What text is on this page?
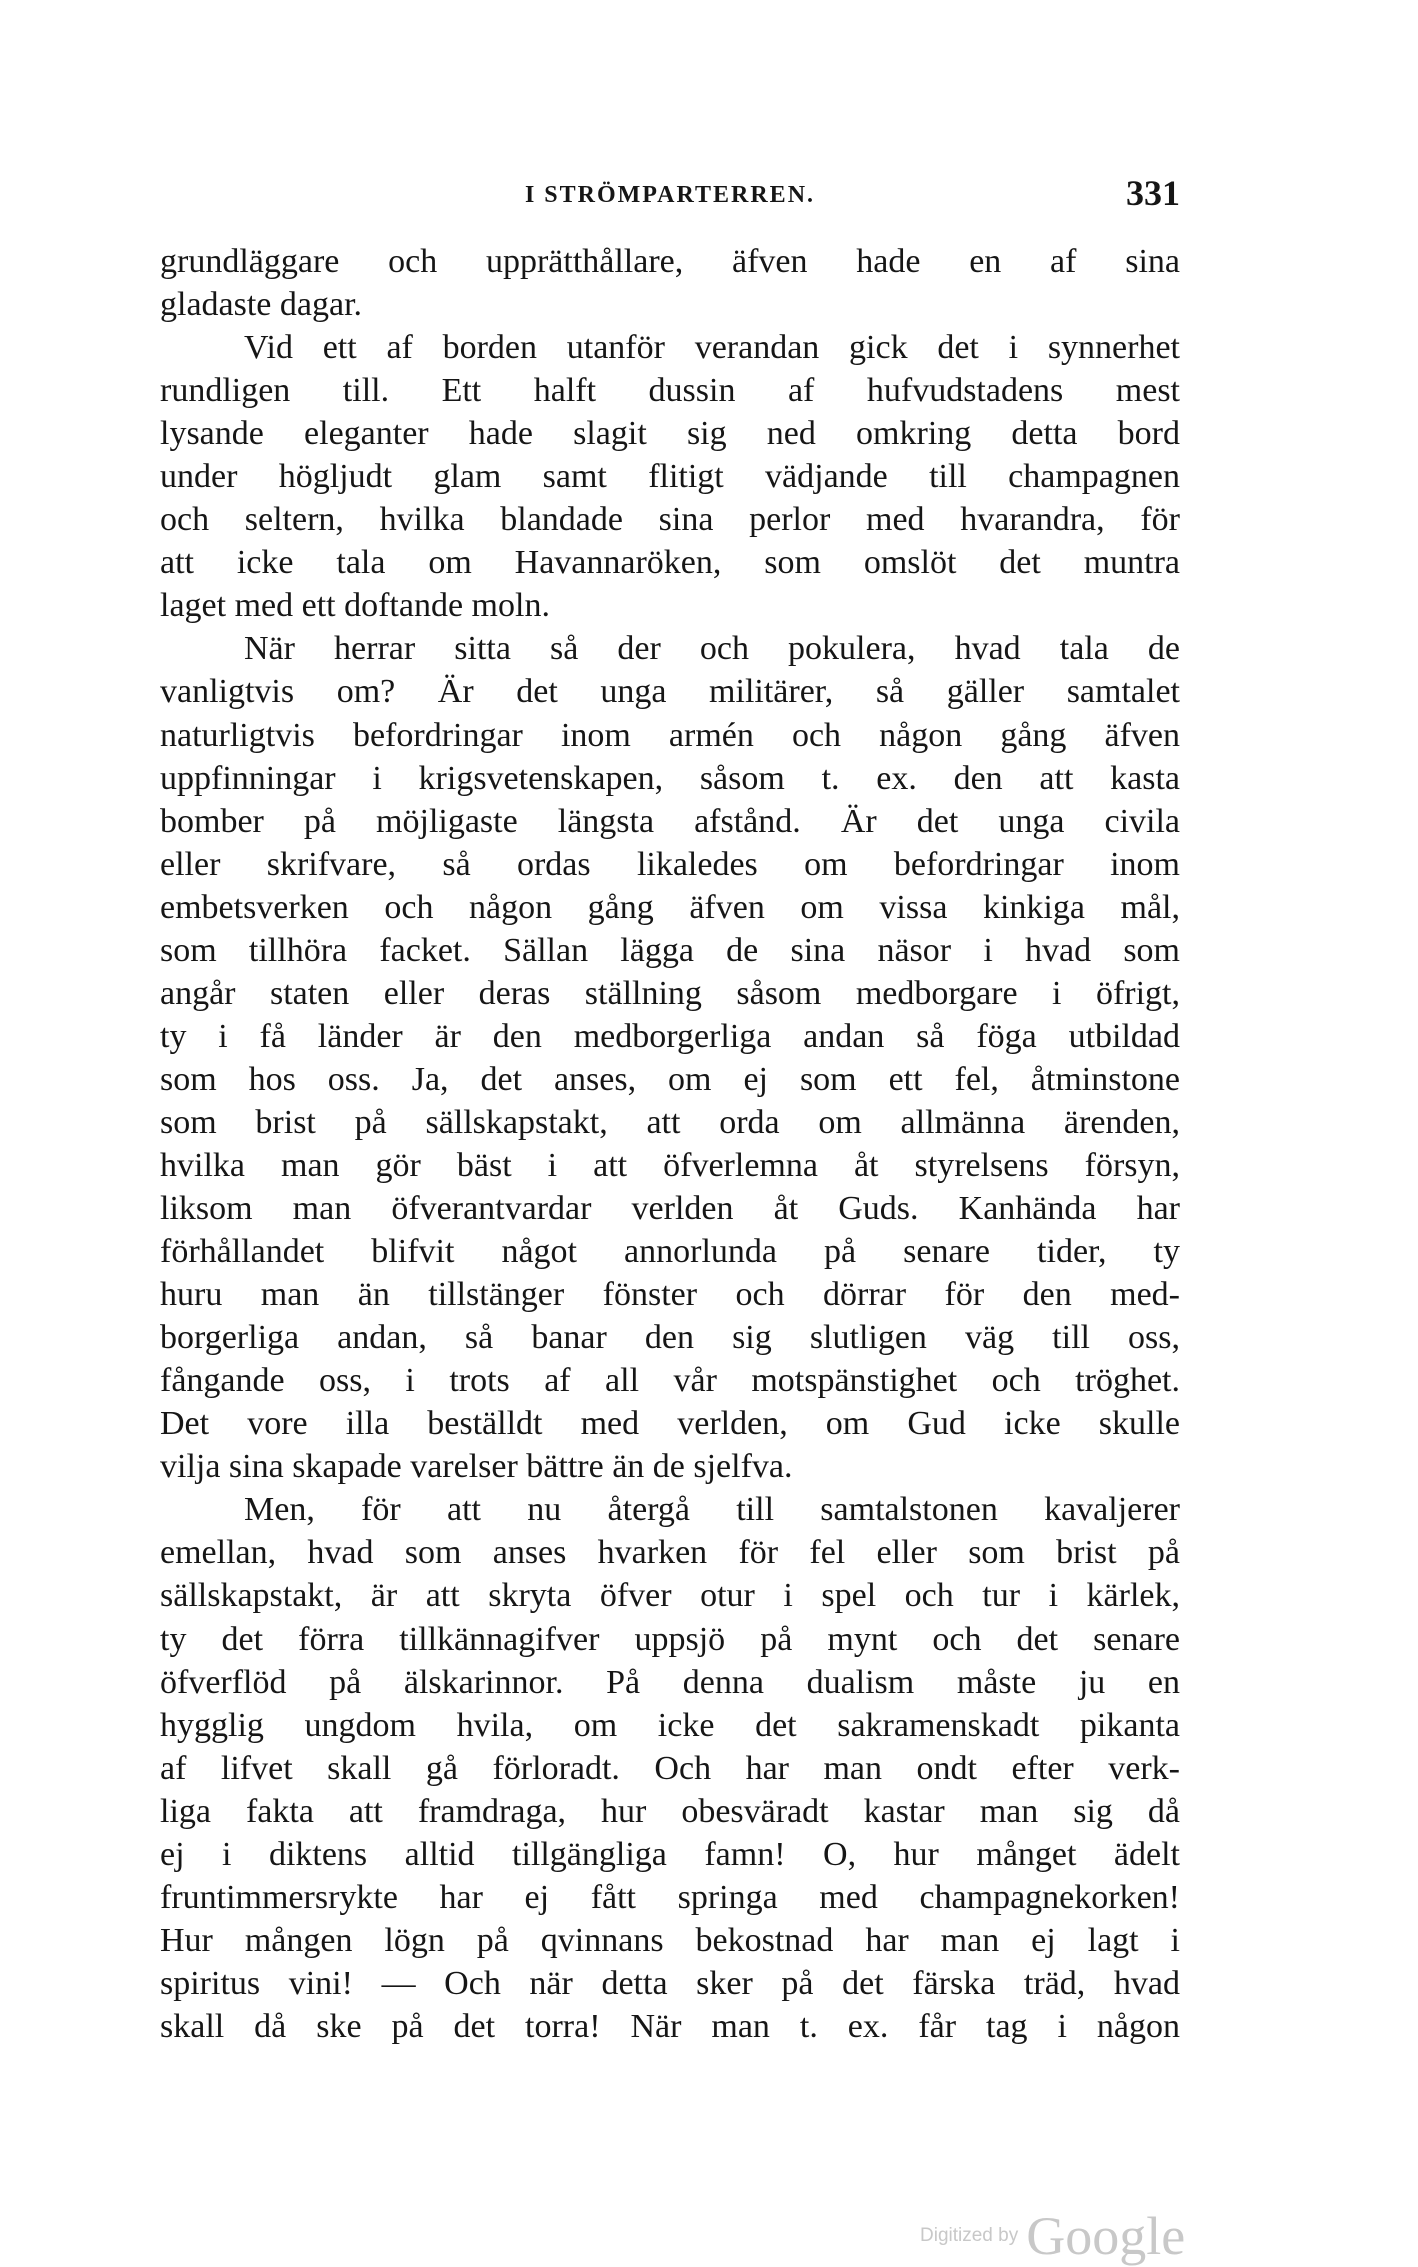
I STRÖMPARTERREN.	331
grundläggare och upprätthållare, äfven hade en af sina
gladaste dagar.
Vid ett af borden utanför verandan gick det i synnerhet
rundligen till. Ett halft dussin af hufvudstadens mest
lysande eleganter hade slagit sig ned omkring detta bord
under högljudt glam samt flitigt vädjande till champagnen
och seltern, hvilka blandade sina perlor med hvarandra, för
att icke tala om Havannaröken, som omslöt det muntra
laget med ett doftande moln.
När herrar sitta så der och pokulera, hvad tala de
vanligtvis om? Är det unga militärer, så gäller samtalet
naturligtvis befordringar inom armén och någon gång äfven
uppfinningar i krigsvetenskapen, såsom t. ex. den att kasta
bomber på möjligaste längsta afstånd. Är det unga civila
eller skrifvare, så ordas likaledes om befordringar inom
embetsverken och någon gång äfven om vissa kinkiga mål,
som tillhöra facket. Sällan lägga de sina näsor i hvad som
angår staten eller deras ställning såsom medborgare i öfrigt,
ty i få länder är den medborgerliga andan så föga utbildad
som hos oss. Ja, det anses, om ej som ett fel, åtminstone
som brist på sällskapstakt, att orda om allmänna ärenden,
hvilka man gör bäst i att öfverlemna åt styrelsens försyn,
liksom man öfverantvardar verlden åt Guds. Kanhända har
förhållandet blifvit något annorlunda på senare tider, ty
huru man än tillstänger fönster och dörrar för den med-
borgerliga andan, så banar den sig slutligen väg till oss,
fångande oss, i trots af all vår motspänstighet och tröghet.
Det vore illa beställdt med verlden, om Gud icke skulle
vilja sina skapade varelser bättre än de sjelfva.
Men, för att nu återgå till samtalstonen kavaljerer
emellan, hvad som anses hvarken för fel eller som brist på
sällskapstakt, är att skryta öfver otur i spel och tur i kärlek,
ty det förra tillkännagifver uppsjö på mynt och det senare
öfverflöd på älskarinnor. På denna dualism måste ju en
hygglig ungdom hvila, om icke det sakramenskadt pikanta
af lifvet skall gå förloradt. Och har man ondt efter verk-
liga fakta att framdraga, hur obesväradt kastar man sig då
ej i diktens alltid tillgängliga famn! O, hur månget ädelt
fruntimmersrykte har ej fått springa med champagnekorken!
Hur mången lögn på qvinnans bekostnad har man ej lagt i
spiritus vini! — Och när detta sker på det färska träd, hvad
skall då ske på det torra! När man t. ex. får tag i någon
Digitized by Google
